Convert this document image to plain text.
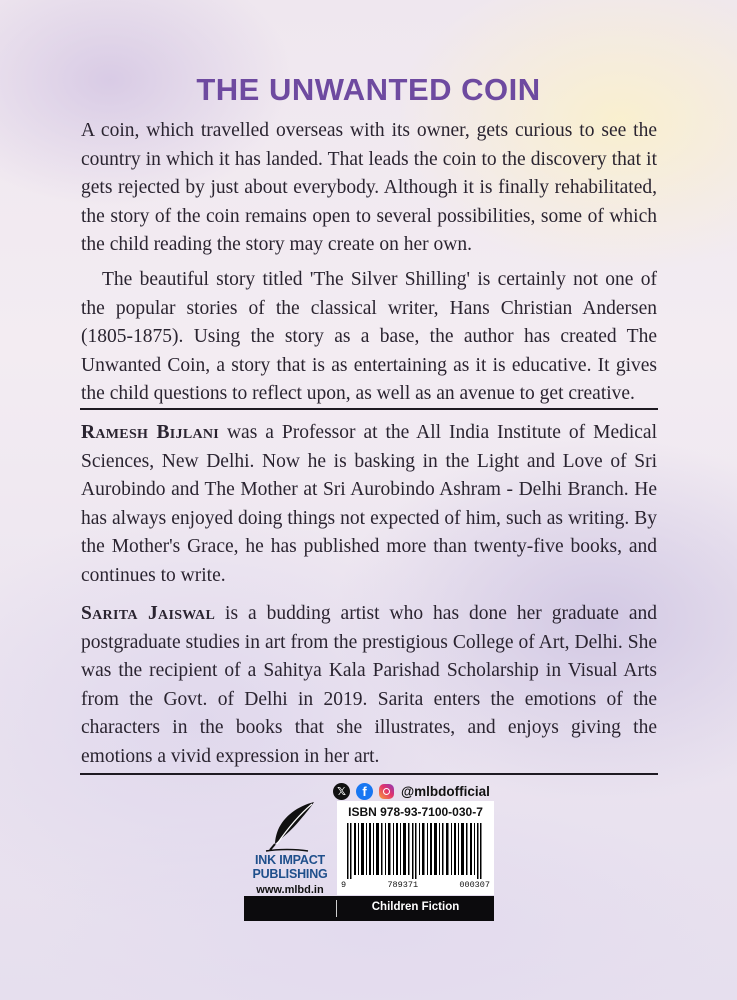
THE UNWANTED COIN

A coin, which travelled overseas with its owner, gets curious to see the country in which it has landed. That leads the coin to the discovery that it gets rejected by just about everybody. Although it is finally rehabilitated, the story of the coin remains open to several possibilities, some of which the child reading the story may create on her own.

The beautiful story titled 'The Silver Shilling' is certainly not one of the popular stories of the classical writer, Hans Christian Andersen (1805-1875). Using the story as a base, the author has created The Unwanted Coin, a story that is as entertaining as it is educative. It gives the child questions to reflect upon, as well as an avenue to get creative.

Ramesh Bijlani was a Professor at the All India Institute of Medical Sciences, New Delhi. Now he is basking in the Light and Love of Sri Aurobindo and The Mother at Sri Aurobindo Ashram - Delhi Branch. He has always enjoyed doing things not expected of him, such as writing. By the Mother's Grace, he has published more than twenty-five books, and continues to write.

Sarita Jaiswal is a budding artist who has done her graduate and postgraduate studies in art from the prestigious College of Art, Delhi. She was the recipient of a Sahitya Kala Parishad Scholarship in Visual Arts from the Govt. of Delhi in 2019. Sarita enters the emotions of the characters in the books that she illustrates, and enjoys giving the emotions a vivid expression in her art.

𝕏	f	@mlbdofficial
INK IMPACT
PUBLISHING
www.mlbd.in
ISBN 978-93-7100-030-7
9	789371	000307
Children Fiction
